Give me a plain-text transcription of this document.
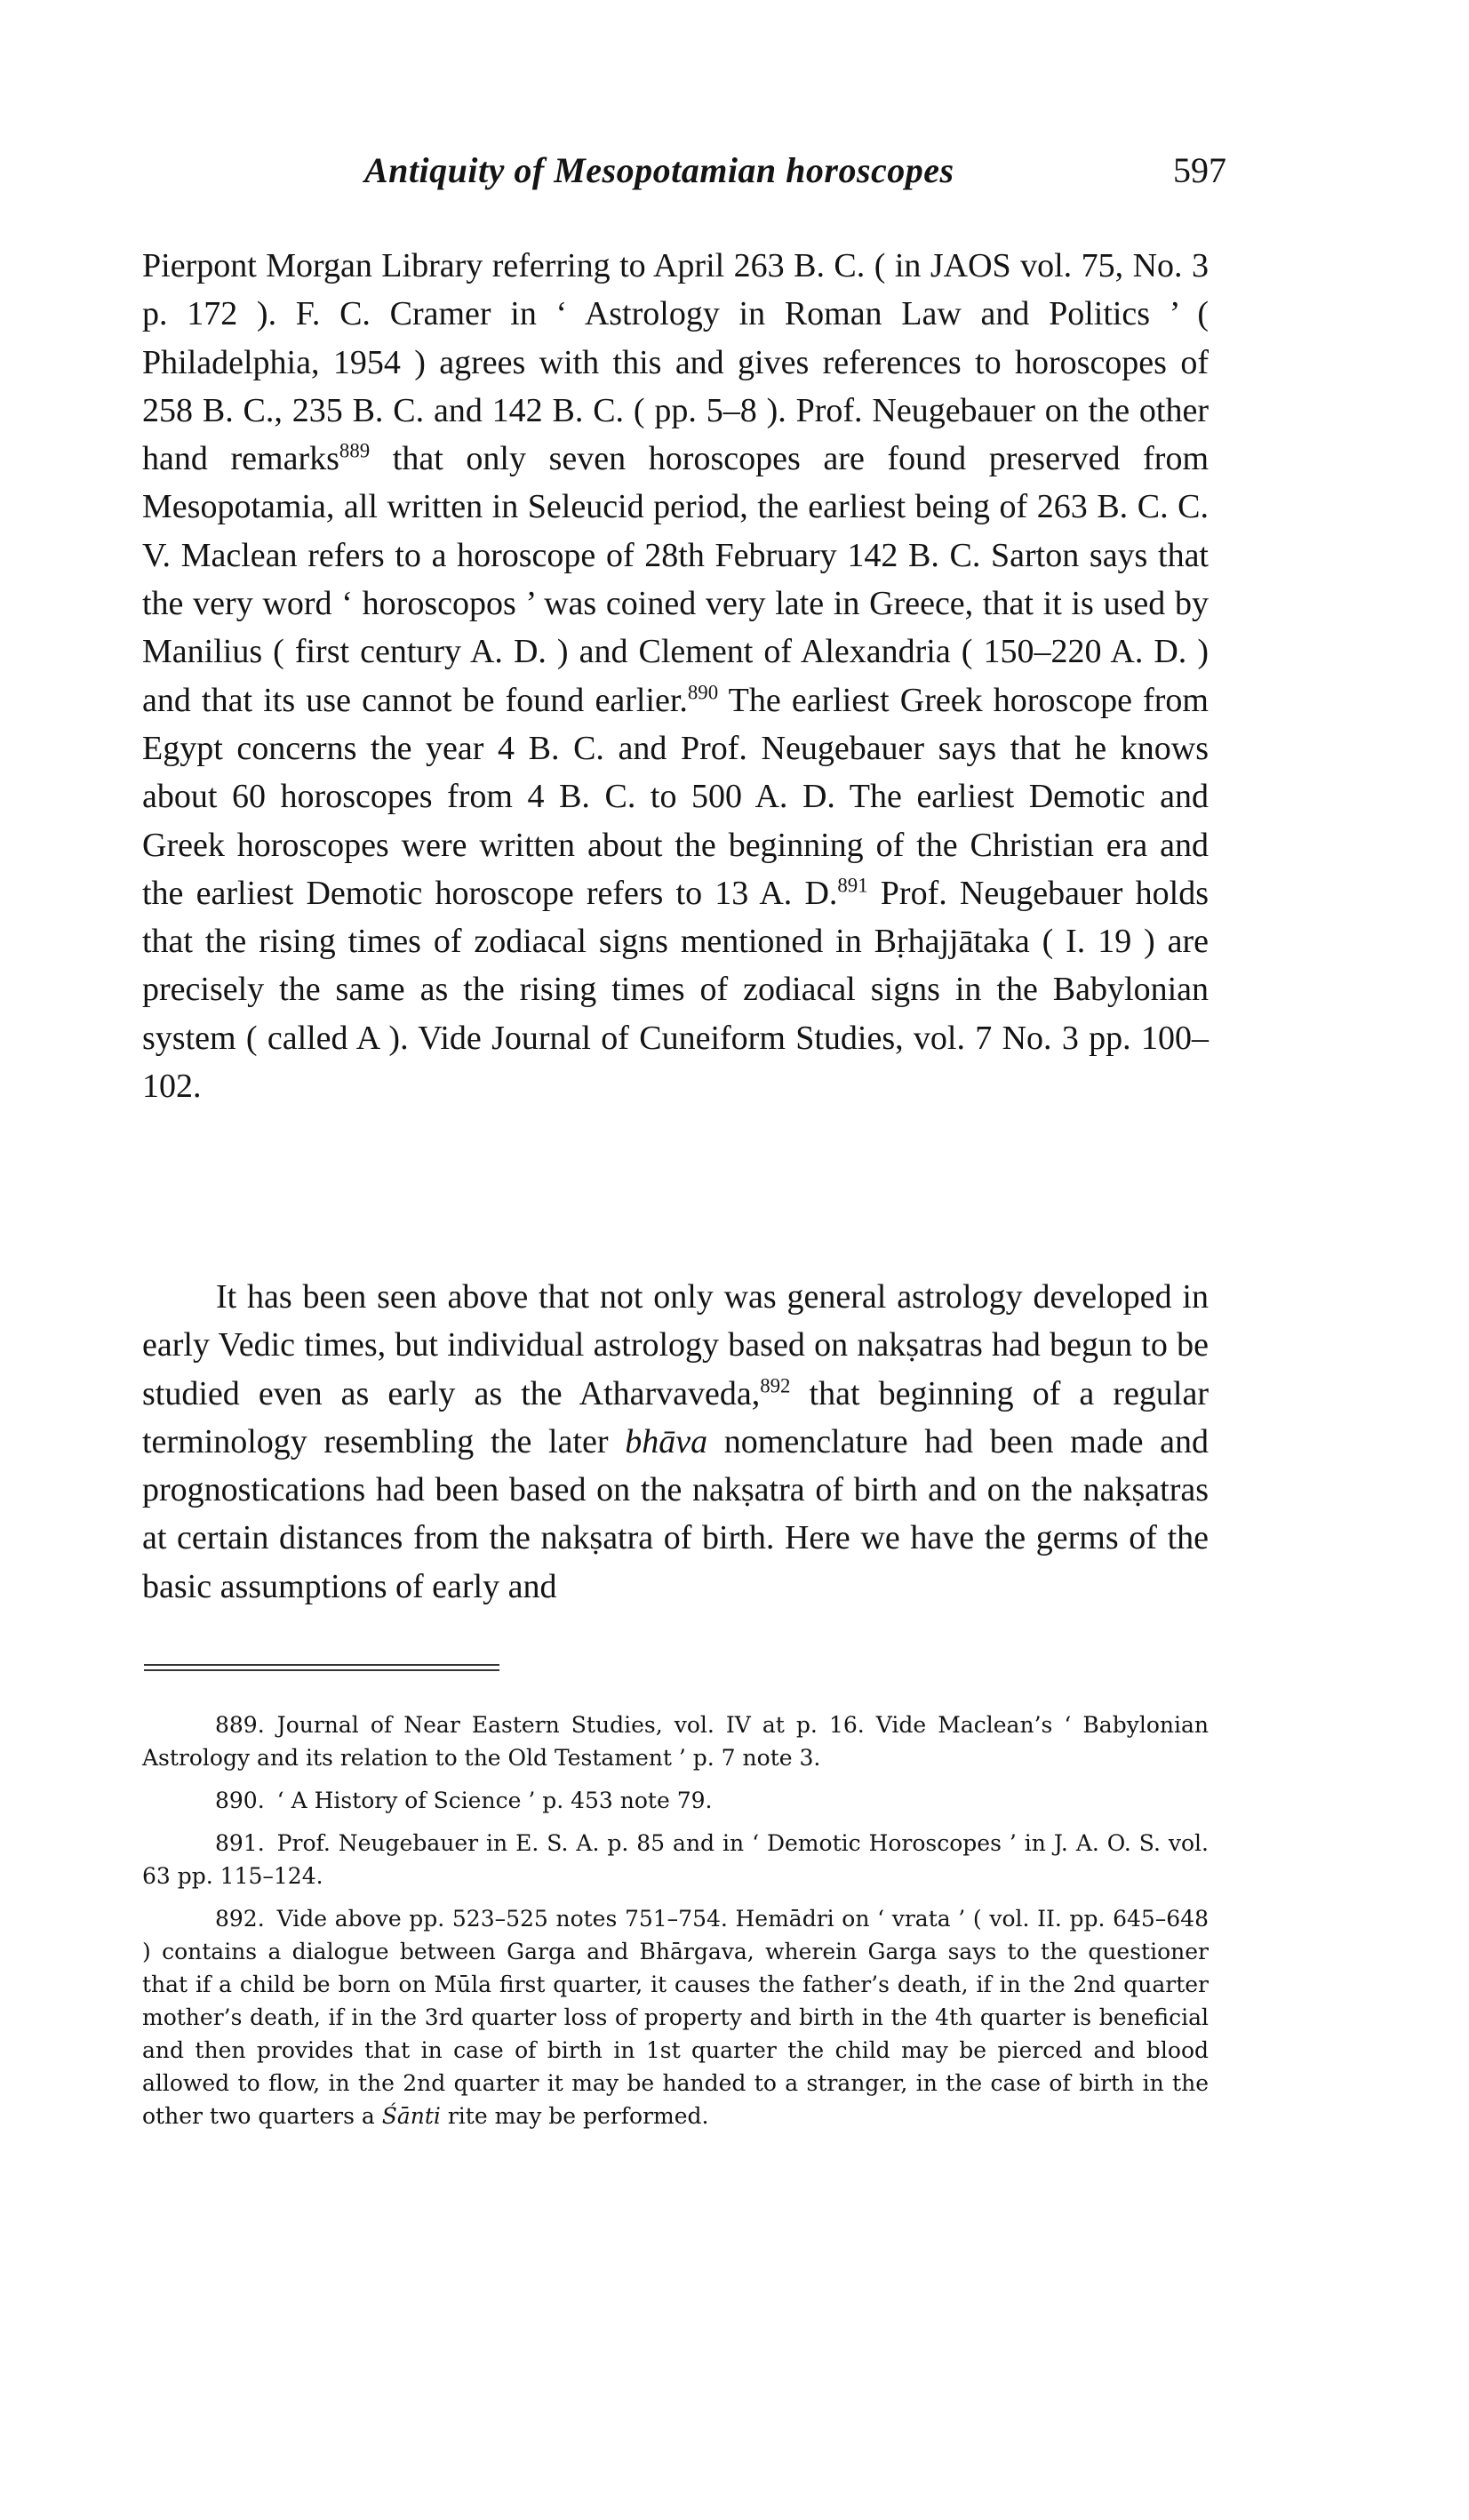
Antiquity of Mesopotamian horoscopes	597

Pierpont Morgan Library referring to April 263 B. C. ( in JAOS vol. 75, No. 3 p. 172 ). F. C. Cramer in ‘ Astrology in Roman Law and Politics ’ ( Philadelphia, 1954 ) agrees with this and gives references to horoscopes of 258 B. C., 235 B. C. and 142 B. C. ( pp. 5–8 ). Prof. Neugebauer on the other hand remarks$^{889}$ that only seven horoscopes are found preserved from Mesopotamia, all written in Seleucid period, the earliest being of 263 B. C. C. V. Maclean refers to a horoscope of 28th February 142 B. C. Sarton says that the very word ‘ horoscopos ’ was coined very late in Greece, that it is used by Manilius ( first century A. D. ) and Clement of Alexandria ( 150–220 A. D. ) and that its use cannot be found earlier.$^{890}$ The earliest Greek horoscope from Egypt concerns the year 4 B. C. and Prof. Neugebauer says that he knows about 60 horoscopes from 4 B. C. to 500 A. D. The earliest Demotic and Greek horoscopes were written about the beginning of the Christian era and the earliest Demotic horoscope refers to 13 A. D.$^{891}$ Prof. Neugebauer holds that the rising times of zodiacal signs mentioned in Bṛhajjātaka ( I. 19 ) are precisely the same as the rising times of zodiacal signs in the Babylonian system ( called A ). Vide Journal of Cuneiform Studies, vol. 7 No. 3 pp. 100–102.

It has been seen above that not only was general astrology developed in early Vedic times, but individual astrology based on nakṣatras had begun to be studied even as early as the Atharvaveda,$^{892}$ that beginning of a regular terminology resembling the later bhāva nomenclature had been made and prognostications had been based on the nakṣatra of birth and on the nakṣatras at certain distances from the nakṣatra of birth. Here we have the germs of the basic assumptions of early and

889. Journal of Near Eastern Studies, vol. IV at p. 16. Vide Maclean’s ‘ Babylonian Astrology and its relation to the Old Testament ’ p. 7 note 3.

890. ‘ A History of Science ’ p. 453 note 79.

891. Prof. Neugebauer in E. S. A. p. 85 and in ‘ Demotic Horoscopes ’ in J. A. O. S. vol. 63 pp. 115–124.

892. Vide above pp. 523–525 notes 751–754. Hemādri on ‘ vrata ’ ( vol. II. pp. 645–648 ) contains a dialogue between Garga and Bhārgava, wherein Garga says to the questioner that if a child be born on Mūla first quarter, it causes the father’s death, if in the 2nd quarter mother’s death, if in the 3rd quarter loss of property and birth in the 4th quarter is beneficial and then provides that in case of birth in 1st quarter the child may be pierced and blood allowed to flow, in the 2nd quarter it may be handed to a stranger, in the case of birth in the other two quarters a Śānti rite may be performed.
